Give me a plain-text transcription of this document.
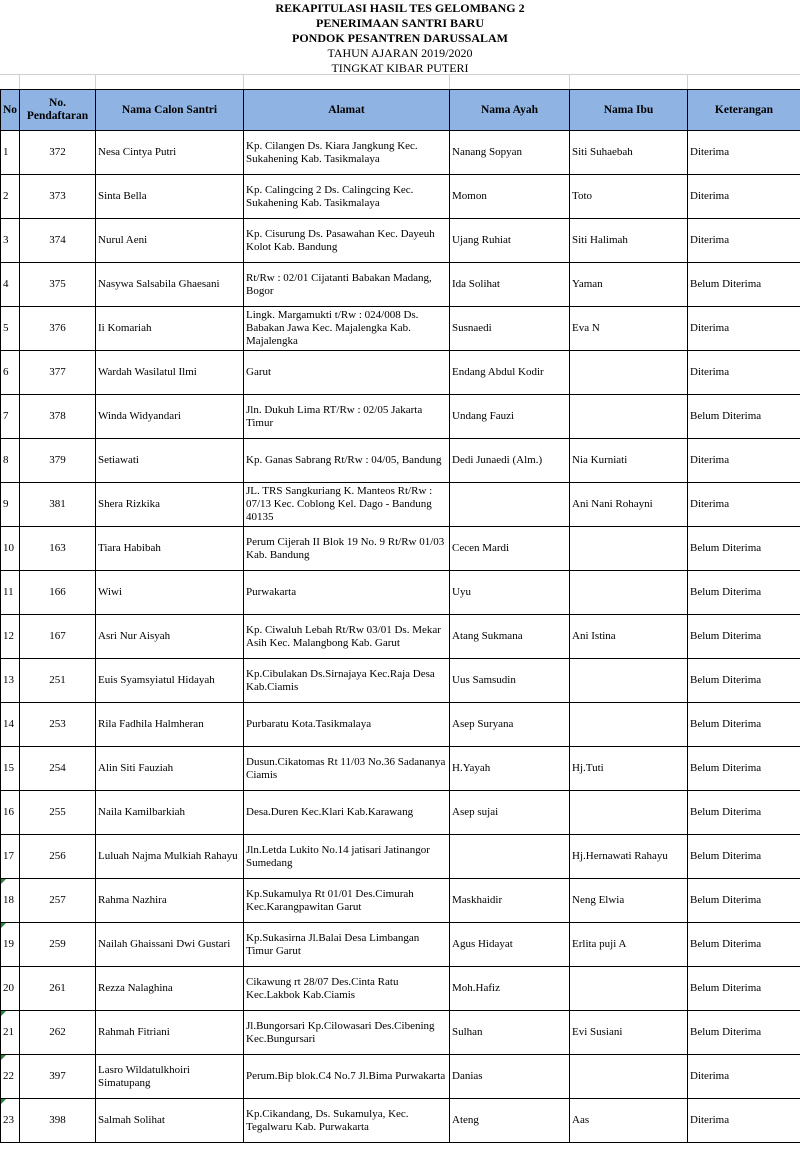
REKAPITULASI HASIL TES GELOMBANG 2
PENERIMAAN SANTRI BARU
PONDOK PESANTREN DARUSSALAM
TAHUN AJARAN 2019/2020
TINGKAT KIBAR PUTERI
No	No. Pendaftaran	Nama Calon Santri	Alamat	Nama Ayah	Nama Ibu	Keterangan
1	372	Nesa Cintya Putri	Kp. Cilangen Ds. Kiara Jangkung Kec. Sukahening Kab. Tasikmalaya	Nanang Sopyan	Siti Suhaebah	Diterima
2	373	Sinta Bella	Kp. Calingcing 2 Ds. Calingcing Kec. Sukahening Kab. Tasikmalaya	Momon	Toto	Diterima
3	374	Nurul Aeni	Kp. Cisurung Ds. Pasawahan Kec. Dayeuh Kolot Kab. Bandung	Ujang Ruhiat	Siti Halimah	Diterima
4	375	Nasywa Salsabila Ghaesani	Rt/Rw : 02/01 Cijatanti Babakan Madang, Bogor	Ida Solihat	Yaman	Belum Diterima
5	376	Ii Komariah	Lingk. Margamukti t/Rw : 024/008 Ds. Babakan Jawa Kec. Majalengka Kab. Majalengka	Susnaedi	Eva N	Diterima
6	377	Wardah Wasilatul Ilmi	Garut	Endang Abdul Kodir		Diterima
7	378	Winda Widyandari	Jln. Dukuh Lima RT/Rw : 02/05 Jakarta Timur	Undang Fauzi		Belum Diterima
8	379	Setiawati	Kp. Ganas Sabrang Rt/Rw : 04/05, Bandung	Dedi Junaedi (Alm.)	Nia Kurniati	Diterima
9	381	Shera Rizkika	JL. TRS Sangkuriang K. Manteos Rt/Rw : 07/13 Kec. Coblong Kel. Dago - Bandung 40135		Ani Nani Rohayni	Diterima
10	163	Tiara Habibah	Perum Cijerah II Blok 19 No. 9 Rt/Rw 01/03 Kab. Bandung	Cecen Mardi		Belum Diterima
11	166	Wiwi	Purwakarta	Uyu		Belum Diterima
12	167	Asri Nur Aisyah	Kp. Ciwaluh Lebah Rt/Rw 03/01 Ds. Mekar Asih Kec. Malangbong Kab. Garut	Atang Sukmana	Ani Istina	Belum Diterima
13	251	Euis Syamsyiatul Hidayah	Kp.Cibulakan Ds.Sirnajaya Kec.Raja Desa Kab.Ciamis	Uus Samsudin		Belum Diterima
14	253	Rila Fadhila Halmheran	Purbaratu Kota.Tasikmalaya	Asep Suryana		Belum Diterima
15	254	Alin Siti Fauziah	Dusun.Cikatomas Rt 11/03 No.36 Sadananya Ciamis	H.Yayah	Hj.Tuti	Belum Diterima
16	255	Naila Kamilbarkiah	Desa.Duren Kec.Klari Kab.Karawang	Asep sujai		Belum Diterima
17	256	Luluah Najma Mulkiah Rahayu	Jln.Letda Lukito No.14 jatisari Jatinangor Sumedang		Hj.Hernawati Rahayu	Belum Diterima

18	257	Rahma Nazhira	Kp.Sukamulya Rt 01/01 Des.Cimurah Kec.Karangpawitan Garut	Maskhaidir	Neng Elwia	Belum Diterima

19	259	Nailah Ghaissani Dwi Gustari	Kp.Sukasirna Jl.Balai Desa Limbangan Timur Garut	Agus Hidayat	Erlita puji A	Belum Diterima
20	261	Rezza Nalaghina	Cikawung rt 28/07 Des.Cinta Ratu Kec.Lakbok Kab.Ciamis	Moh.Hafiz		Belum Diterima

21	262	Rahmah Fitriani	Jl.Bungorsari Kp.Cilowasari Des.Cibening Kec.Bungursari	Sulhan	Evi Susiani	Belum Diterima

22	397	Lasro Wildatulkhoiri Simatupang	Perum.Bip blok.C4 No.7 Jl.Bima Purwakarta	Danias		Diterima

23	398	Salmah Solihat	Kp.Cikandang, Ds. Sukamulya, Kec. Tegalwaru Kab. Purwakarta	Ateng	Aas	Diterima
